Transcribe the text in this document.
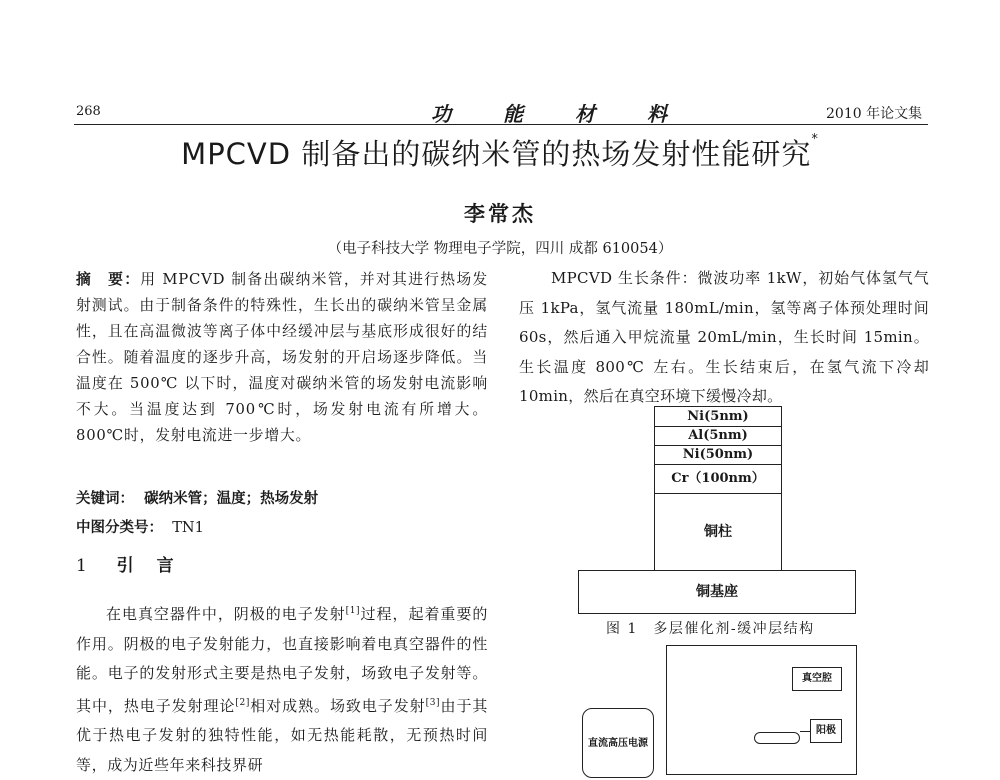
268	功能材料	2010 年论文集
MPCVD 制备出的碳纳米管的热场发射性能研究*
李常杰
（电子科技大学 物理电子学院，四川 成都 610054）
摘　要：用 MPCVD 制备出碳纳米管，并对其进行热场发射测试。由于制备条件的特殊性，生长出的碳纳米管呈金属性，且在高温微波等离子体中经缓冲层与基底形成很好的结合性。随着温度的逐步升高，场发射的开启场逐步降低。当温度在 500℃ 以下时，温度对碳纳米管的场发射电流影响不大。当温度达到 700℃时，场发射电流有所增大。800℃时，发射电流进一步增大。
关键词： 碳纳米管；温度；热场发射
中图分类号： TN1
1 引　言
在电真空器件中，阴极的电子发射[1]过程，起着重要的作用。阴极的电子发射能力，也直接影响着电真空器件的性能。电子的发射形式主要是热电子发射，场致电子发射等。其中，热电子发射理论[2]相对成熟。场致电子发射[3]由于其优于热电子发射的独特性能，如无热能耗散，无预热时间等，成为近些年来科技界研
MPCVD 生长条件：微波功率 1kW，初始气体氢气气压 1kPa，氢气流量 180mL/min，氢等离子体预处理时间 60s，然后通入甲烷流量 20mL/min，生长时间 15min。生长温度 800℃ 左右。生长结束后，在氢气流下冷却 10min，然后在真空环境下缓慢冷却。
Ni(5nm)
Al(5nm)
Ni(50nm)
Cr（100nm）
铜柱
铜基座
图 1　多层催化剂-缓冲层结构
真空腔
阳极
直流高压电源
